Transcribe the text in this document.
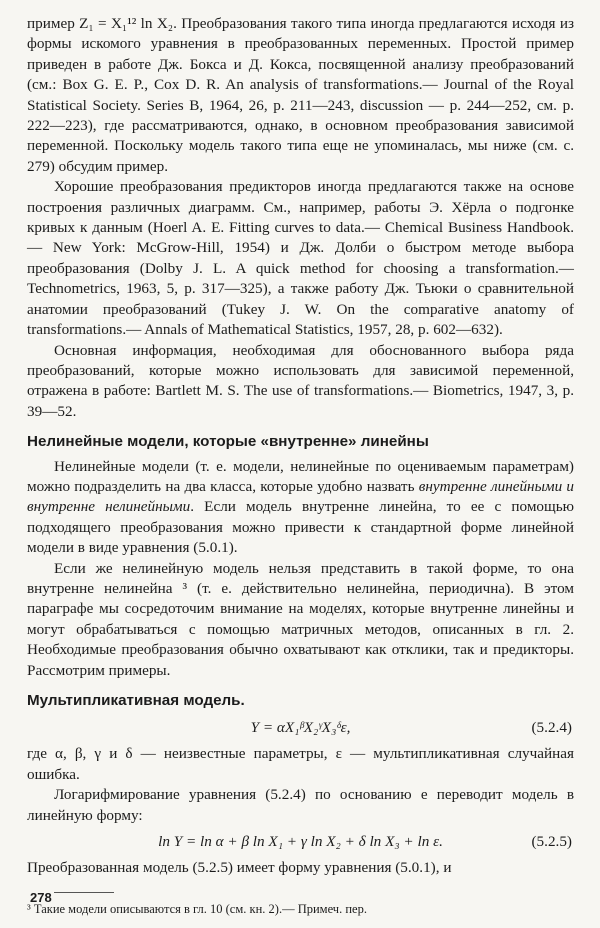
пример Z₁ = X₁¹² ln X₂. Преобразования такого типа иногда предлагаются исходя из формы искомого уравнения в преобразованных переменных. Простой пример приведен в работе Дж. Бокса и Д. Кокса, посвященной анализу преобразований (см.: Box G. E. P., Cox D. R. An analysis of transformations.— Journal of the Royal Statistical Society. Series B, 1964, 26, p. 211—243, discussion — p. 244—252, см. р. 222—223), где рассматриваются, однако, в основном преобразования зависимой переменной. Поскольку модель такого типа еще не упоминалась, мы ниже (см. с. 279) обсудим пример.

Хорошие преобразования предикторов иногда предлагаются также на основе построения различных диаграмм. См., например, работы Э. Хёрла о подгонке кривых к данным (Hoerl A. E. Fitting curves to data.— Chemical Business Handbook.— New York: McGrow-Hill, 1954) и Дж. Долби о быстром методе выбора преобразования (Dolby J. L. A quick method for choosing a transformation.— Technometrics, 1963, 5, p. 317—325), а также работу Дж. Тьюки о сравнительной анатомии преобразований (Tukey J. W. On the comparative anatomy of transformations.— Annals of Mathematical Statistics, 1957, 28, p. 602—632).

Основная информация, необходимая для обоснованного выбора ряда преобразований, которые можно использовать для зависимой переменной, отражена в работе: Bartlett M. S. The use of transformations.— Biometrics, 1947, 3, p. 39—52.

Нелинейные модели, которые «внутренне» линейны

Нелинейные модели (т. е. модели, нелинейные по оцениваемым параметрам) можно подразделить на два класса, которые удобно назвать внутренне линейными и внутренне нелинейными. Если модель внутренне линейна, то ее с помощью подходящего преобразования можно привести к стандартной форме линейной модели в виде уравнения (5.0.1).

Если же нелинейную модель нельзя представить в такой форме, то она внутренне нелинейна ³ (т. е. действительно нелинейна, периодична). В этом параграфе мы сосредоточим внимание на моделях, которые внутренне линейны и могут обрабатываться с помощью матричных методов, описанных в гл. 2. Необходимые преобразования обычно охватывают как отклики, так и предикторы. Рассмотрим примеры.

Мультипликативная модель.
Y = αX₁ᵝX₂ᵞX₃ᵟε,	(5.2.4)

где α, β, γ и δ — неизвестные параметры, ε — мультипликативная случайная ошибка.

Логарифмирование уравнения (5.2.4) по основанию e переводит модель в линейную форму:

ln Y = ln α + β ln X₁ + γ ln X₂ + δ ln X₃ + ln ε.	(5.2.5)

Преобразованная модель (5.2.5) имеет форму уравнения (5.0.1), и

³ Такие модели описываются в гл. 10 (см. кн. 2).— Примеч. пер.

278
